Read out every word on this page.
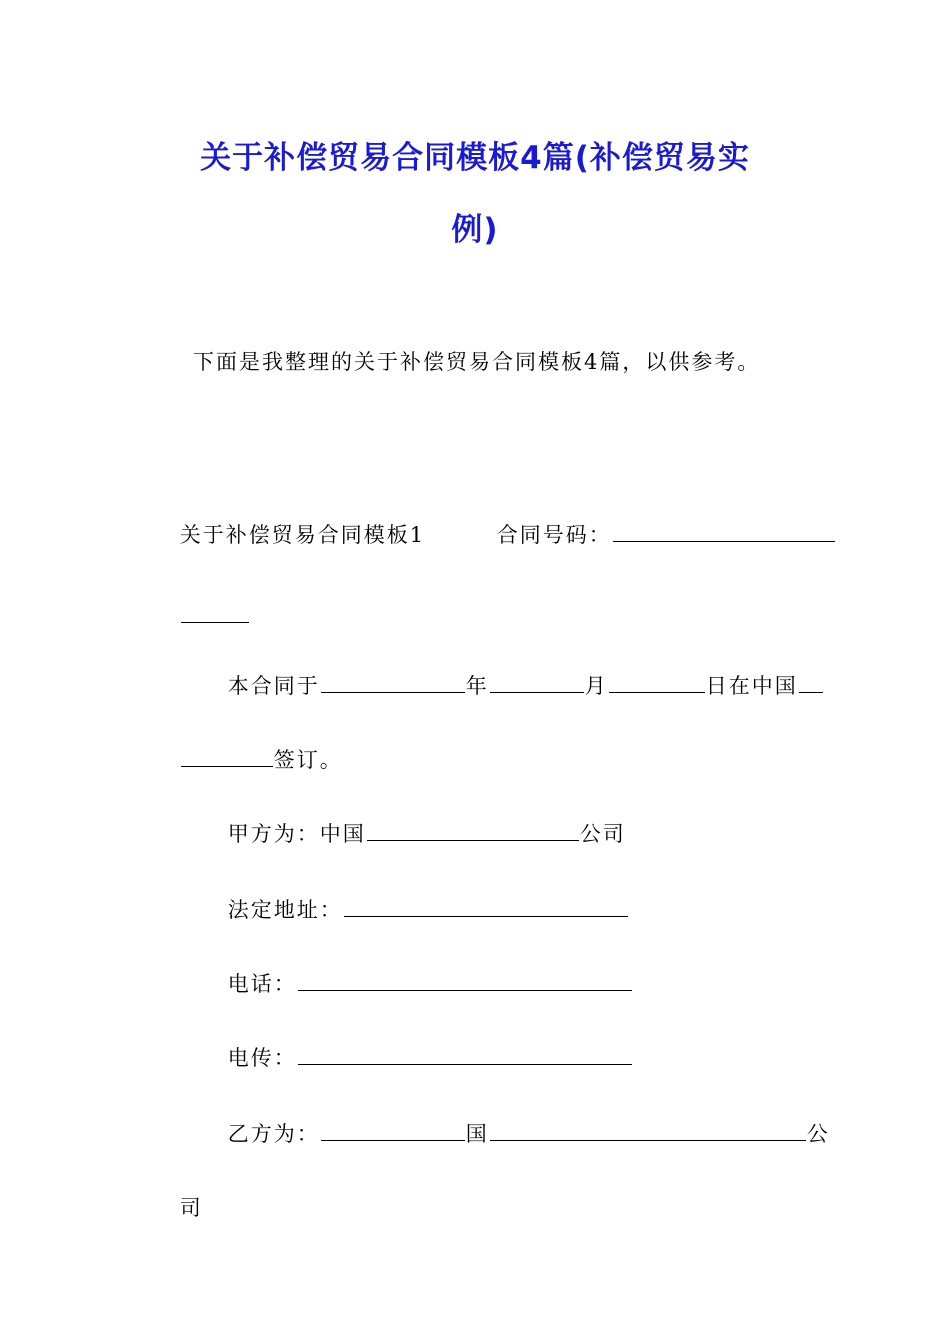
关于补偿贸易合同模板4篇(补偿贸易实
例)
下面是我整理的关于补偿贸易合同模板4篇，以供参考。

关于补偿贸易合同模板1
	合同号码：

本合同于	年	月	日在中国

签订。

甲方为：中国	公司

法定地址：

电话：

电传：

乙方为：	国	公

司
